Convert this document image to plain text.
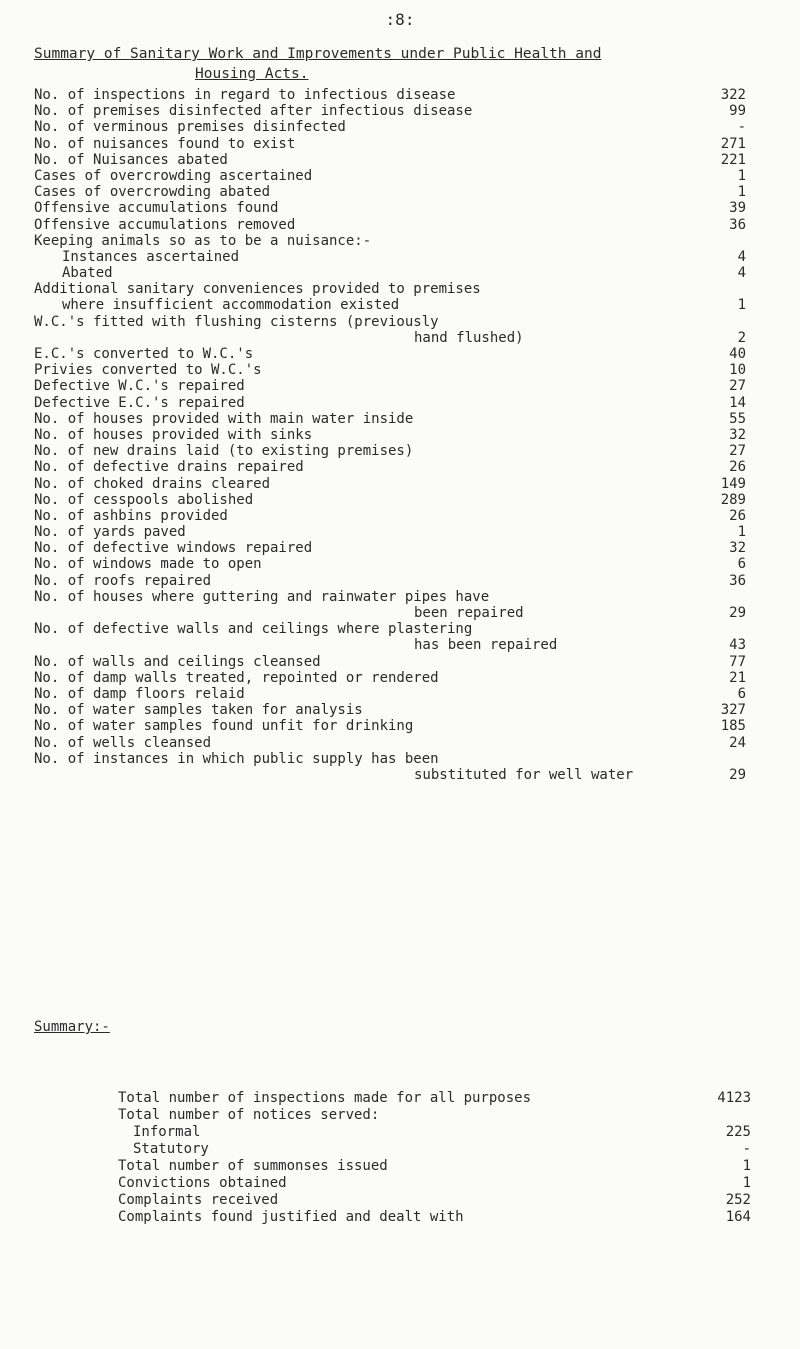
:8:
Summary of Sanitary Work and Improvements under Public Health and
Housing Acts.
No. of inspections in regard to infectious disease	322
No. of premises disinfected after infectious disease	99
No. of verminous premises disinfected	-
No. of nuisances found to exist	271
No. of Nuisances abated	221
Cases of overcrowding ascertained	1
Cases of overcrowding abated	1
Offensive accumulations found	39
Offensive accumulations removed	36
Keeping animals so as to be a nuisance:-
Instances ascertained	4
Abated	4
Additional sanitary conveniences provided to premises
where insufficient accommodation existed	1
W.C.'s fitted with flushing cisterns (previously
hand flushed)	2
E.C.'s converted to W.C.'s	40
Privies converted to W.C.'s	10
Defective W.C.'s repaired	27
Defective E.C.'s repaired	14
No. of houses provided with main water inside	55
No. of houses provided with sinks	32
No. of new drains laid (to existing premises)	27
No. of defective drains repaired	26
No. of choked drains cleared	149
No. of cesspools abolished	289
No. of ashbins provided	26
No. of yards paved	1
No. of defective windows repaired	32
No. of windows made to open	6
No. of roofs repaired	36
No. of houses where guttering and rainwater pipes have
been repaired	29
No. of defective walls and ceilings where plastering
has been repaired	43
No. of walls and ceilings cleansed	77
No. of damp walls treated, repointed or rendered	21
No. of damp floors relaid	6
No. of water samples taken for analysis	327
No. of water samples found unfit for drinking	185
No. of wells cleansed	24
No. of instances in which public supply has been
substituted for well water	29
Summary:-
Total number of inspections made for all purposes	4123
Total number of notices served:
Informal	225
Statutory	-
Total number of summonses issued	1
Convictions obtained	1
Complaints received	252
Complaints found justified and dealt with	164
